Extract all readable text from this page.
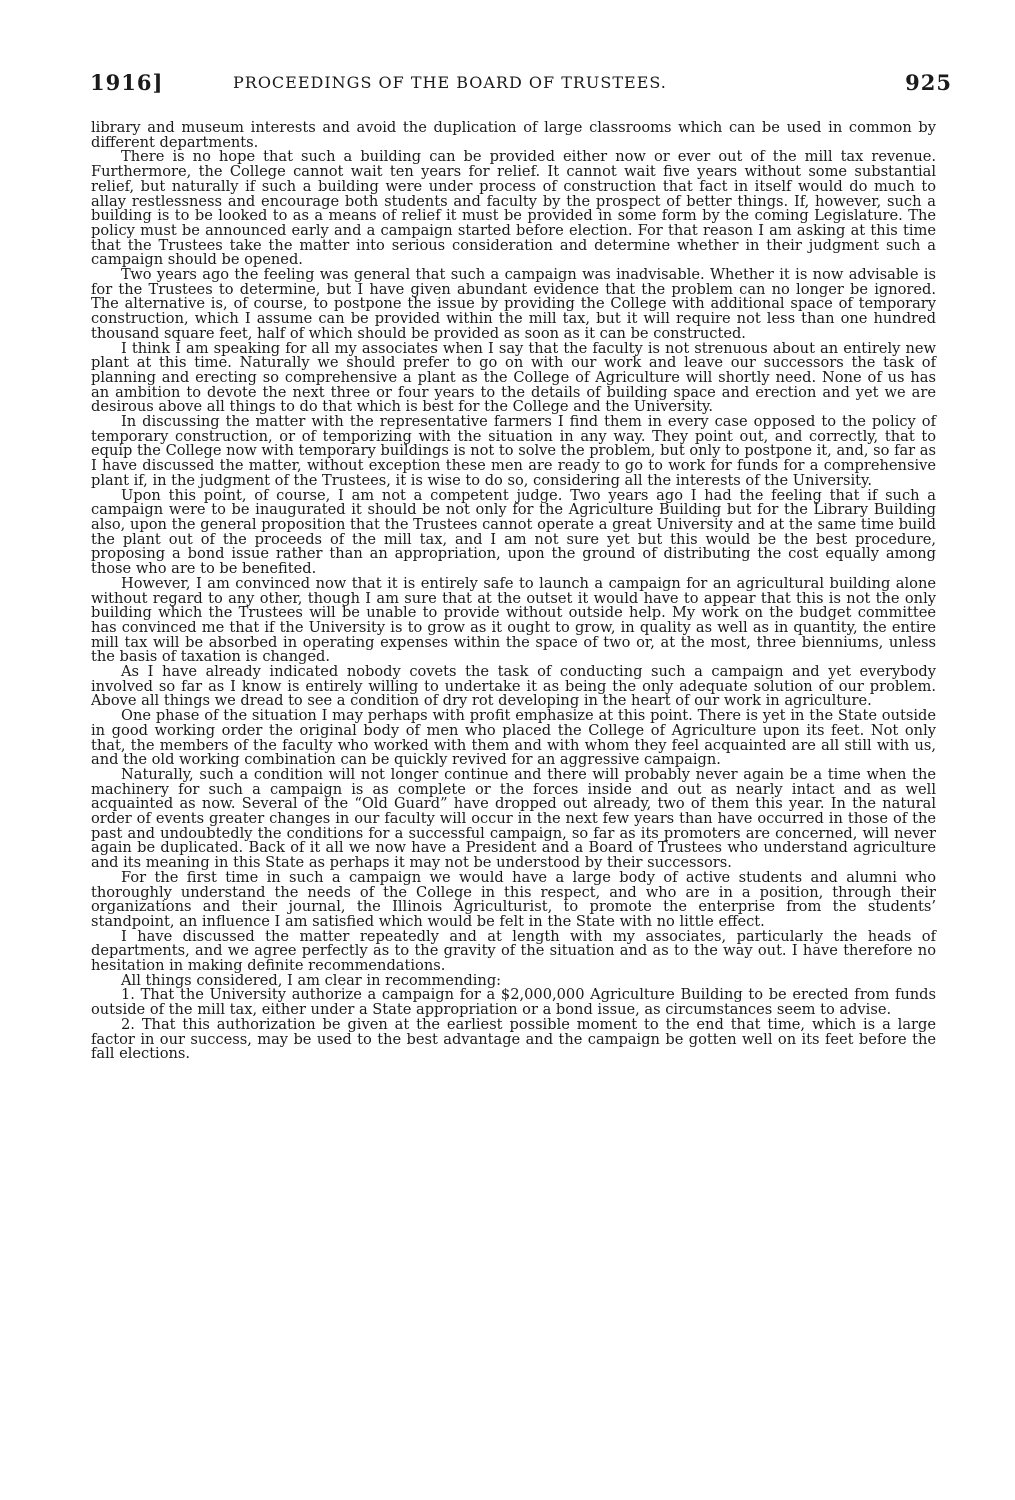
1916]	PROCEEDINGS OF THE BOARD OF TRUSTEES.	925

library and museum interests and avoid the duplication of large classrooms which can be used in common by different departments.

There is no hope that such a building can be provided either now or ever out of the mill tax revenue. Furthermore, the College cannot wait ten years for relief. It cannot wait five years without some substantial relief, but naturally if such a building were under process of construction that fact in itself would do much to allay restlessness and encourage both students and faculty by the prospect of better things. If, however, such a building is to be looked to as a means of relief it must be provided in some form by the coming Legislature. The policy must be announced early and a campaign started before election. For that reason I am asking at this time that the Trustees take the matter into serious consideration and determine whether in their judgment such a campaign should be opened.

Two years ago the feeling was general that such a campaign was inadvisable. Whether it is now advisable is for the Trustees to determine, but I have given abundant evidence that the problem can no longer be ignored. The alternative is, of course, to postpone the issue by providing the College with additional space of temporary construction, which I assume can be provided within the mill tax, but it will require not less than one hundred thousand square feet, half of which should be provided as soon as it can be constructed.

I think I am speaking for all my associates when I say that the faculty is not strenuous about an entirely new plant at this time. Naturally we should prefer to go on with our work and leave our successors the task of planning and erecting so comprehensive a plant as the College of Agriculture will shortly need. None of us has an ambition to devote the next three or four years to the details of building space and erection and yet we are desirous above all things to do that which is best for the College and the University.

In discussing the matter with the representative farmers I find them in every case opposed to the policy of temporary construction, or of temporizing with the situation in any way. They point out, and correctly, that to equip the College now with temporary buildings is not to solve the problem, but only to postpone it, and, so far as I have discussed the matter, without exception these men are ready to go to work for funds for a comprehensive plant if, in the judgment of the Trustees, it is wise to do so, considering all the interests of the University.

Upon this point, of course, I am not a competent judge. Two years ago I had the feeling that if such a campaign were to be inaugurated it should be not only for the Agriculture Building but for the Library Building also, upon the general proposition that the Trustees cannot operate a great University and at the same time build the plant out of the proceeds of the mill tax, and I am not sure yet but this would be the best procedure, proposing a bond issue rather than an appropriation, upon the ground of distributing the cost equally among those who are to be benefited.

However, I am convinced now that it is entirely safe to launch a campaign for an agricultural building alone without regard to any other, though I am sure that at the outset it would have to appear that this is not the only building which the Trustees will be unable to provide without outside help. My work on the budget committee has convinced me that if the University is to grow as it ought to grow, in quality as well as in quantity, the entire mill tax will be absorbed in operating expenses within the space of two or, at the most, three bienniums, unless the basis of taxation is changed.

As I have already indicated nobody covets the task of conducting such a campaign and yet everybody involved so far as I know is entirely willing to undertake it as being the only adequate solution of our problem. Above all things we dread to see a condition of dry rot developing in the heart of our work in agriculture.

One phase of the situation I may perhaps with profit emphasize at this point. There is yet in the State outside in good working order the original body of men who placed the College of Agriculture upon its feet. Not only that, the members of the faculty who worked with them and with whom they feel acquainted are all still with us, and the old working combination can be quickly revived for an aggressive campaign.

Naturally, such a condition will not longer continue and there will probably never again be a time when the machinery for such a campaign is as complete or the forces inside and out as nearly intact and as well acquainted as now. Several of the “Old Guard” have dropped out already, two of them this year. In the natural order of events greater changes in our faculty will occur in the next few years than have occurred in those of the past and undoubtedly the conditions for a successful campaign, so far as its promoters are concerned, will never again be duplicated. Back of it all we now have a President and a Board of Trustees who understand agriculture and its meaning in this State as perhaps it may not be understood by their successors.

For the first time in such a campaign we would have a large body of active students and alumni who thoroughly understand the needs of the College in this respect, and who are in a position, through their organizations and their journal, the Illinois Agriculturist, to promote the enterprise from the students’ standpoint, an influence I am satisfied which would be felt in the State with no little effect.

I have discussed the matter repeatedly and at length with my associates, particularly the heads of departments, and we agree perfectly as to the gravity of the situation and as to the way out. I have therefore no hesitation in making definite recommendations.

All things considered, I am clear in recommending:

1. That the University authorize a campaign for a $2,000,000 Agriculture Building to be erected from funds outside of the mill tax, either under a State appropriation or a bond issue, as circumstances seem to advise.

2. That this authorization be given at the earliest possible moment to the end that time, which is a large factor in our success, may be used to the best advantage and the campaign be gotten well on its feet before the fall elections.
